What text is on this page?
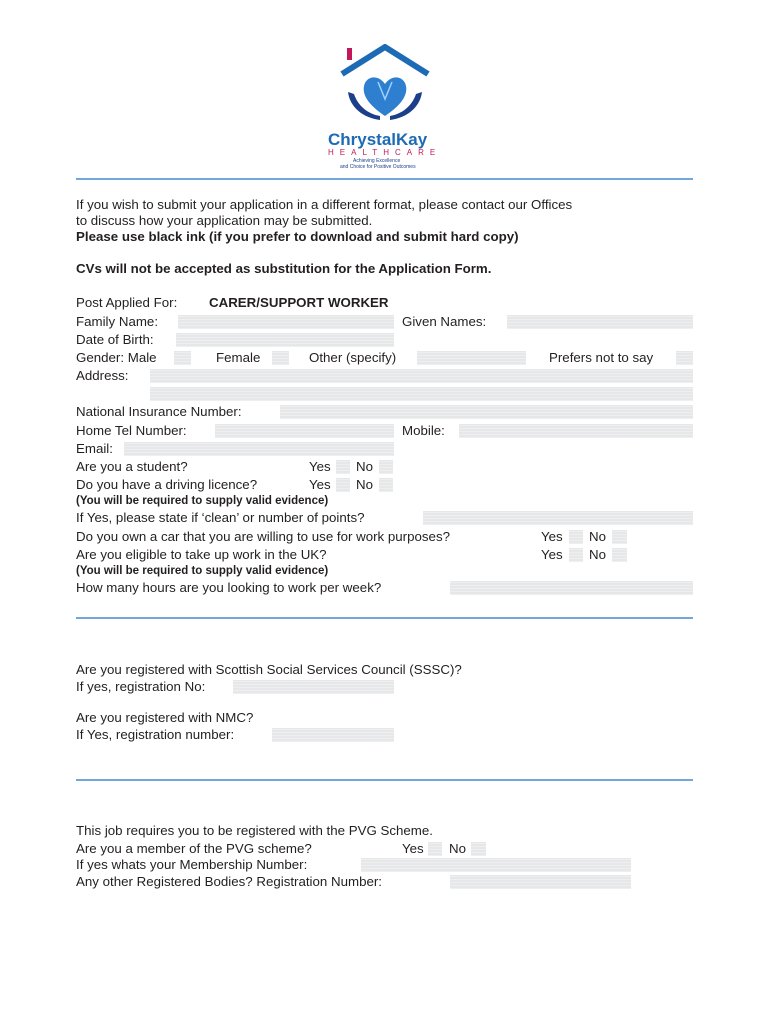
ChrystalKay
HEALTHCARE
Achieving Excellence
and Choice for Positive Outcomes
If you wish to submit your application in a different format, please contact our Offices
to discuss how your application may be submitted.
Please use black ink (if you prefer to download and submit hard copy)
CVs will not be accepted as substitution for the Application Form.
Post Applied For: CARER/SUPPORT WORKER
Family Name:	Given Names:
Date of Birth:
Gender: Male	Female	Other (specify)	Prefers not to say
Address:
National Insurance Number:
Home Tel Number:	Mobile:
Email:
Are you a student?	Yes No
Do you have a driving licence?	Yes No
(You will be required to supply valid evidence)
If Yes, please state if ‘clean’ or number of points?
Do you own a car that you are willing to use for work purposes?	Yes No
Are you eligible to take up work in the UK?	Yes No
(You will be required to supply valid evidence)
How many hours are you looking to work per week?
Are you registered with Scottish Social Services Council (SSSC)?
If yes, registration No:
Are you registered with NMC?
If Yes, registration number:
This job requires you to be registered with the PVG Scheme.
Are you a member of the PVG scheme?	Yes No
If yes whats your Membership Number:
Any other Registered Bodies? Registration Number:
